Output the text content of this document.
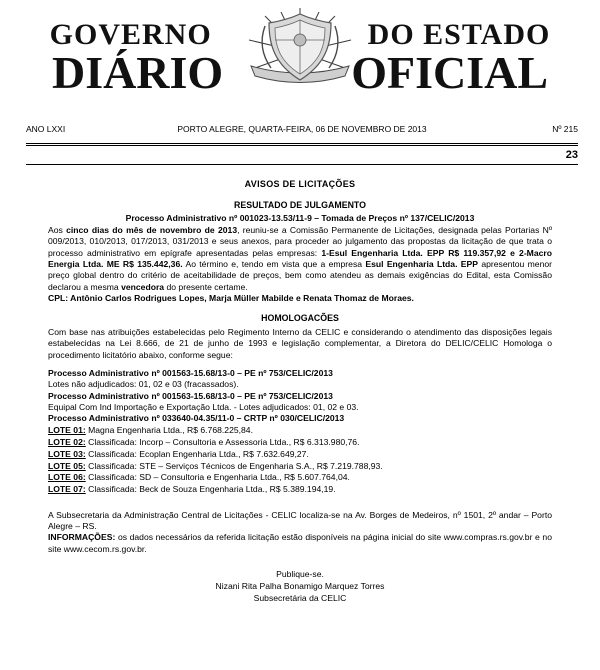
GOVERNO	DO ESTADO
DIÁRIO	OFICIAL
ANO LXXI	PORTO ALEGRE, QUARTA-FEIRA, 06 DE NOVEMBRO DE 2013	Nº 215
23
AVISOS DE LICITAÇÕES
RESULTADO DE JULGAMENTO

Processo Administrativo nº 001023-13.53/11-9 – Tomada de Preços nº 137/CELIC/2013

Aos cinco dias do mês de novembro de 2013, reuniu-se a Comissão Permanente de Licitações, designada pelas Portarias Nº 009/2013, 010/2013, 017/2013, 031/2013 e seus anexos, para proceder ao julgamento das propostas da licitação de que trata o processo administrativo em epígrafe apresentadas pelas empresas: 1-Esul Engenharia Ltda. EPP R$ 119.357,92 e 2-Macro Energia Ltda. ME R$ 135.442,36. Ao término e, tendo em vista que a empresa Esul Engenharia Ltda. EPP apresentou menor preço global dentro do critério de aceitabilidade de preços, bem como atendeu as demais exigências do Edital, esta Comissão declarou a mesma vencedora do presente certame.

CPL: Antônio Carlos Rodrigues Lopes, Marja Müller Mabilde e Renata Thomaz de Moraes.

HOMOLOGACÕES

Com base nas atribuições estabelecidas pelo Regimento Interno da CELIC e considerando o atendimento das disposições legais estabelecidas na Lei 8.666, de 21 de junho de 1993 e legislação complementar, a Diretora do DELIC/CELIC Homologa o procedimento licitatório abaixo, conforme segue:

Processo Administrativo nº 001563-15.68/13-0 – PE nº 753/CELIC/2013

Lotes não adjudicados: 01, 02 e 03 (fracassados).

Processo Administrativo nº 001563-15.68/13-0 – PE nº 753/CELIC/2013

Equipal Com Ind Importação e Exportação Ltda. - Lotes adjudicados: 01, 02 e 03.

Processo Administrativo nº 033640-04.35/11-0 – CRTP nº 030/CELIC/2013

LOTE 01: Magna Engenharia Ltda., R$ 6.768.225,84.

LOTE 02: Classificada: Incorp – Consultoria e Assessoria Ltda., R$ 6.313.980,76.

LOTE 03: Classificada: Ecoplan Engenharia Ltda., R$ 7.632.649,27.

LOTE 05: Classificada: STE – Serviços Técnicos de Engenharia S.A., R$ 7.219.788,93.

LOTE 06: Classificada: SD – Consultoria e Engenharia Ltda., R$ 5.607.764,04.

LOTE 07: Classificada: Beck de Souza Engenharia Ltda., R$ 5.389.194,19.

A Subsecretaria da Administração Central de Licitações - CELIC localiza-se na Av. Borges de Medeiros, nº 1501, 2º andar – Porto Alegre – RS.

INFORMAÇÕES: os dados necessários da referida licitação estão disponíveis na página inicial do site www.compras.rs.gov.br e no site www.cecom.rs.gov.br.

Publique-se.
Nizani Rita Palha Bonamigo Marquez Torres
Subsecretária da CELIC
